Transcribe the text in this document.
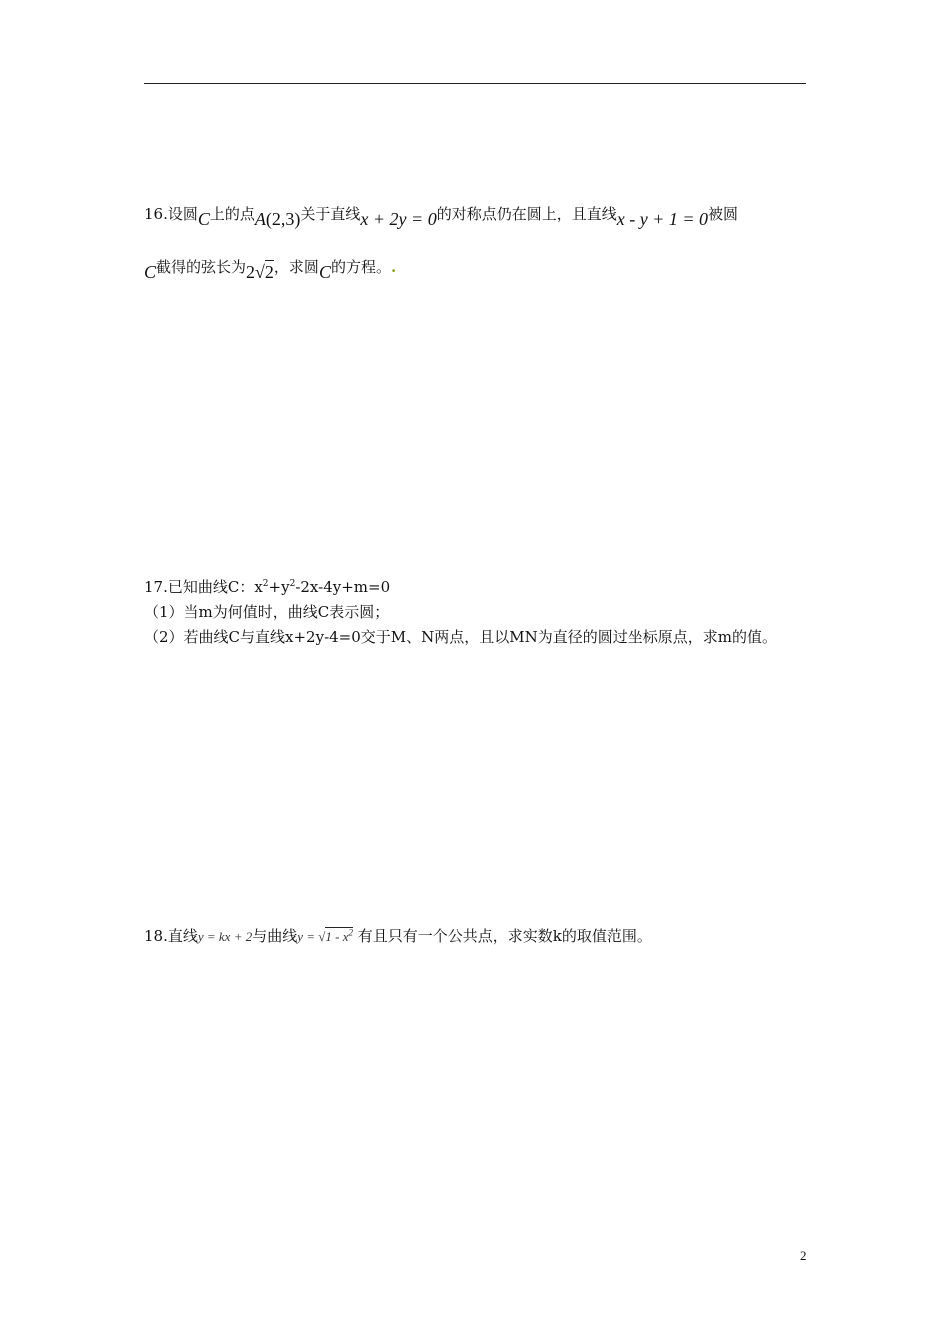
16.设圆C上的点A(2,3)关于直线x + 2y = 0的对称点仍在圆上，且直线x - y + 1 = 0被圆
C截得的弦长为2√2，求圆C的方程。.
17.已知曲线C：$x^2+y^2-2x-4y+m=0$
（1）当m为何值时，曲线C表示圆；
（2）若曲线C与直线x+2y-4=0交于M、N两点，且以MN为直径的圆过坐标原点，求m的值。
18.直线y = kx + 2与曲线$y = √1 - x^2$ 有且只有一个公共点，求实数k的取值范围。
2
